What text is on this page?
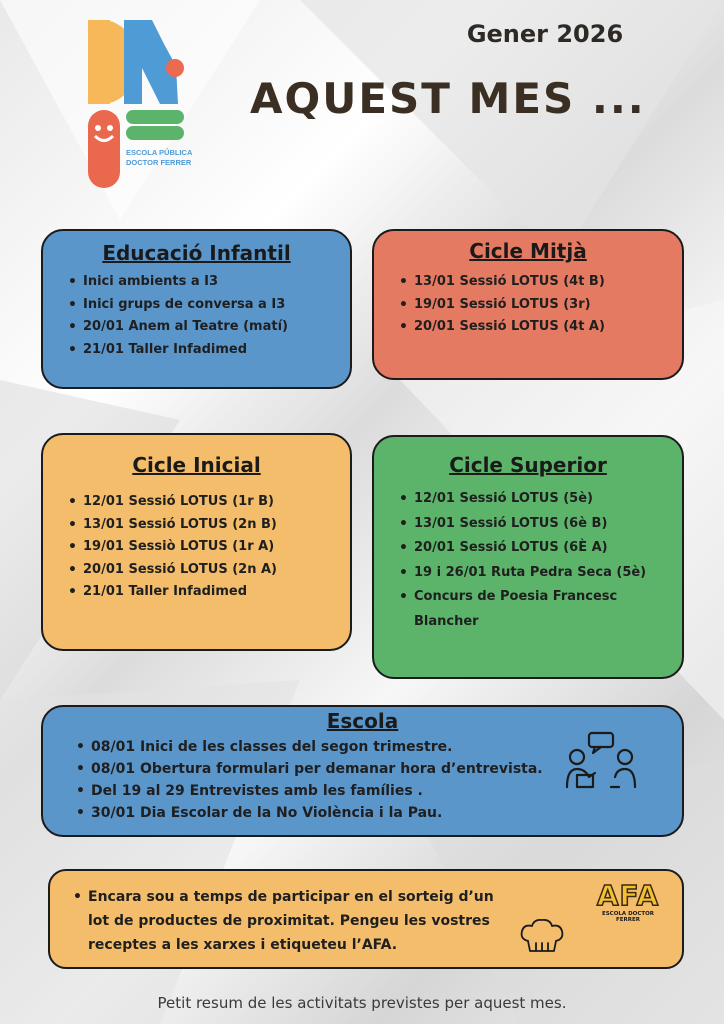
ESCOLA PÚBLICA
DOCTOR FERRER
Gener 2026
AQUEST MES ...
Educació Infantil
• Inici ambients a I3
• Inici grups de conversa a I3
• 20/01 Anem al Teatre (matí)
• 21/01 Taller Infadimed
Cicle Mitjà
• 13/01 Sessió LOTUS (4t B)
• 19/01 Sessió LOTUS (3r)
• 20/01 Sessió LOTUS (4t A)
Cicle Inicial
• 12/01 Sessió LOTUS (1r B)
• 13/01 Sessió LOTUS (2n B)
• 19/01 Sessiò LOTUS (1r A)
• 20/01 Sessió LOTUS (2n A)
• 21/01 Taller Infadimed
Cicle Superior
• 12/01 Sessió LOTUS (5è)
• 13/01 Sessió LOTUS (6è B)
• 20/01 Sessió LOTUS (6È A)
• 19 i 26/01 Ruta Pedra Seca (5è)
• Concurs de Poesia Francesc
Blancher
Escola
• 08/01 Inici de les classes del segon trimestre.
• 08/01 Obertura formulari per demanar hora d’entrevista.
• Del 19 al 29 Entrevistes amb les famílies .
• 30/01 Dia Escolar de la No Violència i la Pau.
• Encara sou a temps de participar en el sorteig d’un
lot de productes de proximitat. Pengeu les vostres
receptes a les xarxes i etiqueteu l’AFA.
AFA
ESCOLA DOCTOR FERRER
Petit resum de les activitats previstes per aquest mes.
